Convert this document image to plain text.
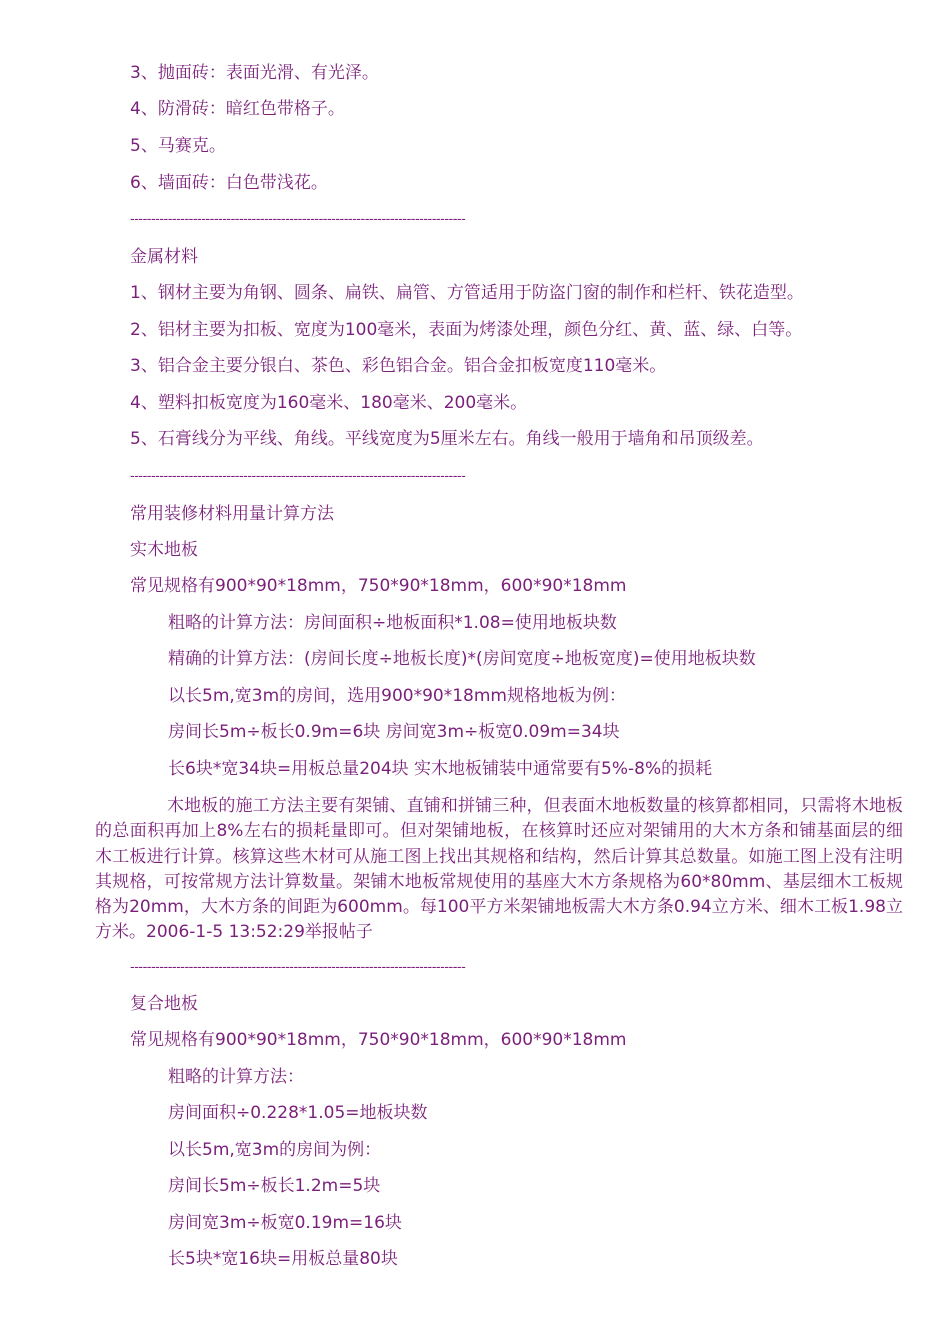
3、抛面砖：表面光滑、有光泽。
4、防滑砖：暗红色带格子。
5、马赛克。
6、墙面砖：白色带浅花。
--------------------------------------------------------------------------------
金属材料
1、钢材主要为角钢、圆条、扁铁、扁管、方管适用于防盗门窗的制作和栏杆、铁花造型。
2、铝材主要为扣板、宽度为100毫米，表面为烤漆处理，颜色分红、黄、蓝、绿、白等。
3、铝合金主要分银白、茶色、彩色铝合金。铝合金扣板宽度110毫米。
4、塑料扣板宽度为160毫米、180毫米、200毫米。
5、石膏线分为平线、角线。平线宽度为5厘米左右。角线一般用于墙角和吊顶级差。
--------------------------------------------------------------------------------
常用装修材料用量计算方法
实木地板
常见规格有900*90*18mm，750*90*18mm，600*90*18mm
粗略的计算方法：房间面积÷地板面积*1.08=使用地板块数
精确的计算方法：(房间长度÷地板长度)*(房间宽度÷地板宽度)=使用地板块数
以长5m,宽3m的房间，选用900*90*18mm规格地板为例：
房间长5m÷板长0.9m=6块 房间宽3m÷板宽0.09m=34块
长6块*宽34块=用板总量204块 实木地板铺装中通常要有5%-8%的损耗
木地板的施工方法主要有架铺、直铺和拼铺三种，但表面木地板数量的核算都相同，只需将木地板的总面积再加上8%左右的损耗量即可。但对架铺地板，在核算时还应对架铺用的大木方条和铺基面层的细木工板进行计算。核算这些木材可从施工图上找出其规格和结构，然后计算其总数量。如施工图上没有注明其规格，可按常规方法计算数量。架铺木地板常规使用的基座大木方条规格为60*80mm、基层细木工板规格为20mm，大木方条的间距为600mm。每100平方米架铺地板需大木方条0.94立方米、细木工板1.98立方米。2006-1-5 13:52:29举报帖子
--------------------------------------------------------------------------------
复合地板
常见规格有900*90*18mm，750*90*18mm，600*90*18mm
粗略的计算方法：
房间面积÷0.228*1.05=地板块数
以长5m,宽3m的房间为例：
房间长5m÷板长1.2m=5块
房间宽3m÷板宽0.19m=16块
长5块*宽16块=用板总量80块
